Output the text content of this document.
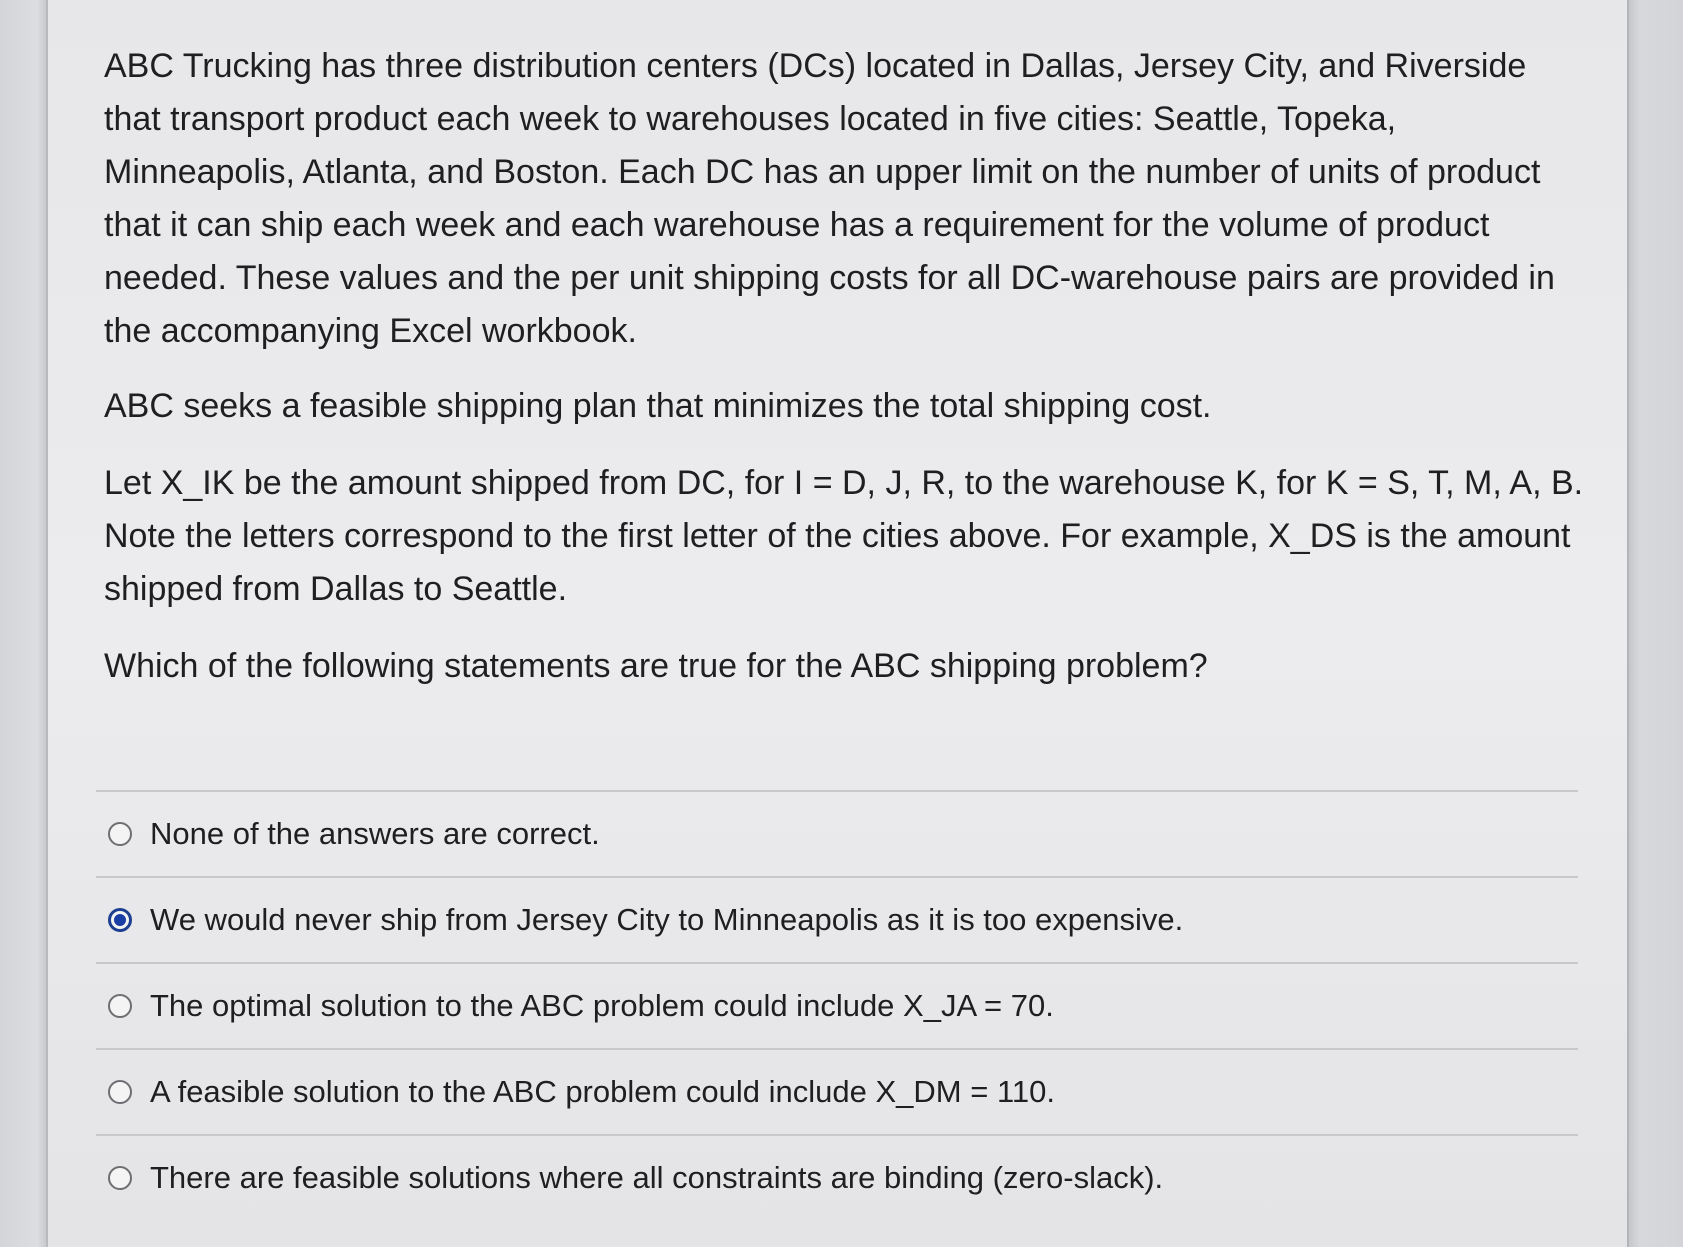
ABC Trucking has three distribution centers (DCs) located in Dallas, Jersey City, and Riverside that transport product each week to warehouses located in five cities: Seattle, Topeka, Minneapolis, Atlanta, and Boston. Each DC has an upper limit on the number of units of product that it can ship each week and each warehouse has a requirement for the volume of product needed. These values and the per unit shipping costs for all DC-warehouse pairs are provided in the accompanying Excel workbook.

ABC seeks a feasible shipping plan that minimizes the total shipping cost.

Let X_IK be the amount shipped from DC, for I = D, J, R, to the warehouse K, for K = S, T, M, A, B. Note the letters correspond to the first letter of the cities above. For example, X_DS is the amount shipped from Dallas to Seattle.

Which of the following statements are true for the ABC shipping problem?

None of the answers are correct.
We would never ship from Jersey City to Minneapolis as it is too expensive.
The optimal solution to the ABC problem could include X_JA = 70.
A feasible solution to the ABC problem could include X_DM = 110.
There are feasible solutions where all constraints are binding (zero-slack).
